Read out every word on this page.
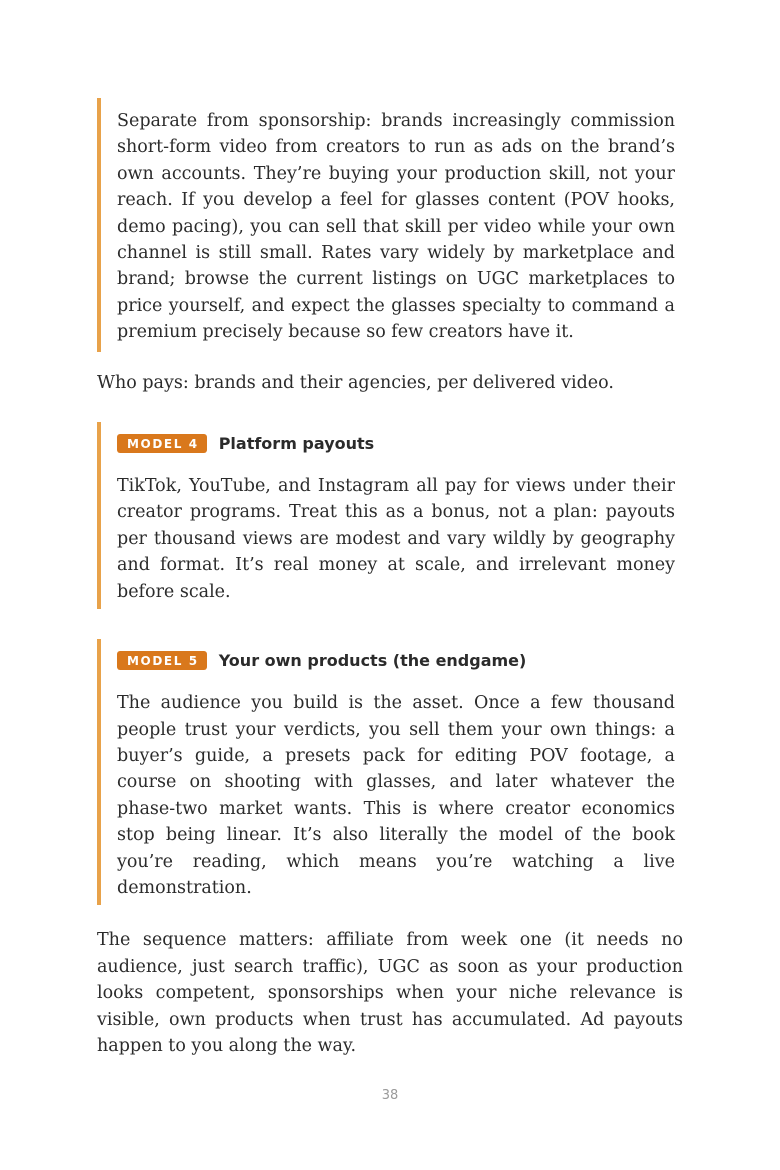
Separate from sponsorship: brands increasingly commission short-form video from creators to run as ads on the brand’s own accounts. They’re buying your production skill, not your reach. If you develop a feel for glasses content (POV hooks, demo pacing), you can sell that skill per video while your own channel is still small. Rates vary widely by marketplace and brand; browse the current listings on UGC marketplaces to price yourself, and expect the glasses specialty to command a premium precisely because so few creators have it.

Who pays: brands and their agencies, per delivered video.

MODEL 4	Platform payouts

TikTok, YouTube, and Instagram all pay for views under their creator programs. Treat this as a bonus, not a plan: payouts per thousand views are modest and vary wildly by geography and format. It’s real money at scale, and irrelevant money before scale.

MODEL 5	Your own products (the endgame)

The audience you build is the asset. Once a few thousand people trust your verdicts, you sell them your own things: a buyer’s guide, a presets pack for editing POV footage, a course on shooting with glasses, and later whatever the phase-two market wants. This is where creator economics stop being linear. It’s also literally the model of the book you’re reading, which means you’re watching a live demonstration.

The sequence matters: affiliate from week one (it needs no audience, just search traffic), UGC as soon as your production looks competent, sponsorships when your niche relevance is visible, own products when trust has accumulated. Ad payouts happen to you along the way.

38
